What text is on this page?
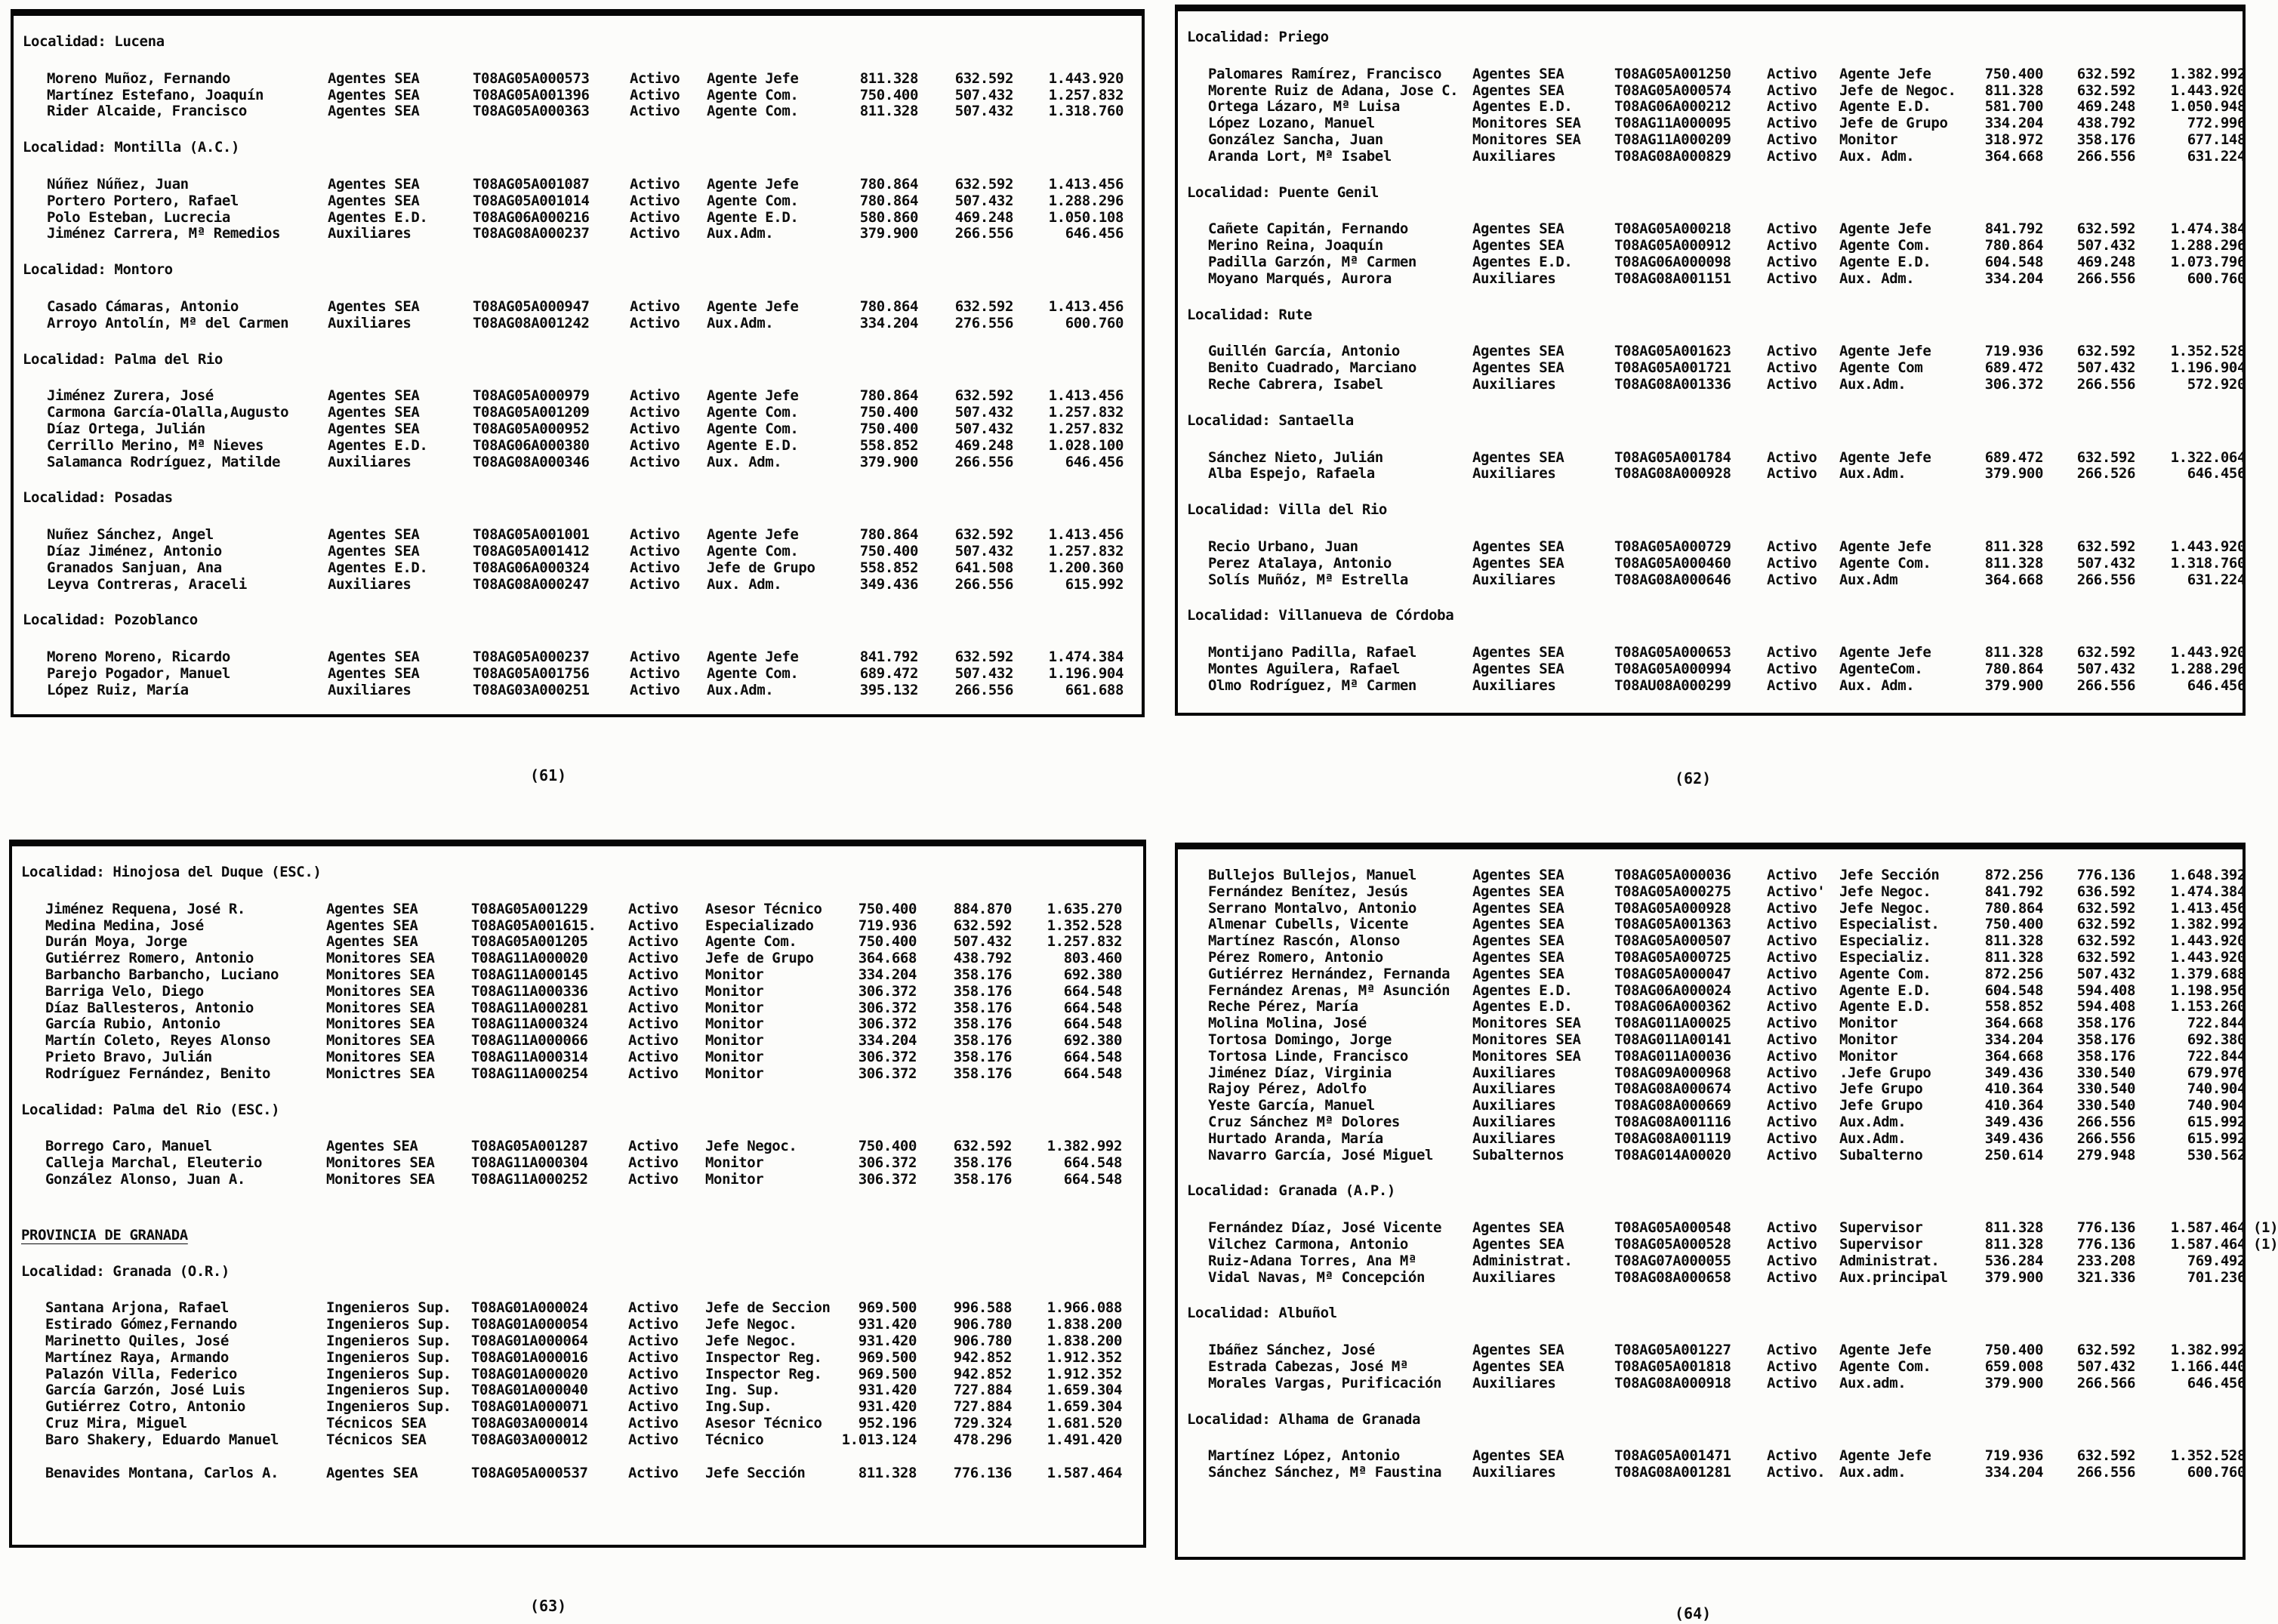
Localidad: Lucena
Moreno Muñoz, Fernando	Agentes SEA	T08AG05A000573	Activo	Agente Jefe	811.328	632.592	1.443.920
Martínez Estefano, Joaquín	Agentes SEA	T08AG05A001396	Activo	Agente Com.	750.400	507.432	1.257.832
Rider Alcaide, Francisco	Agentes SEA	T08AG05A000363	Activo	Agente Com.	811.328	507.432	1.318.760
Localidad: Montilla (A.C.)
Núñez Núñez, Juan	Agentes SEA	T08AG05A001087	Activo	Agente Jefe	780.864	632.592	1.413.456
Portero Portero, Rafael	Agentes SEA	T08AG05A001014	Activo	Agente Com.	780.864	507.432	1.288.296
Polo Esteban, Lucrecia	Agentes E.D.	T08AG06A000216	Activo	Agente E.D.	580.860	469.248	1.050.108
Jiménez Carrera, Mª Remedios	Auxiliares	T08AG08A000237	Activo	Aux.Adm.	379.900	266.556	646.456
Localidad: Montoro
Casado Cámaras, Antonio	Agentes SEA	T08AG05A000947	Activo	Agente Jefe	780.864	632.592	1.413.456
Arroyo Antolín, Mª del Carmen	Auxiliares	T08AG08A001242	Activo	Aux.Adm.	334.204	276.556	600.760
Localidad: Palma del Rio
Jiménez Zurera, José	Agentes SEA	T08AG05A000979	Activo	Agente Jefe	780.864	632.592	1.413.456
Carmona García-Olalla,Augusto	Agentes SEA	T08AG05A001209	Activo	Agente Com.	750.400	507.432	1.257.832
Díaz Ortega, Julián	Agentes SEA	T08AG05A000952	Activo	Agente Com.	750.400	507.432	1.257.832
Cerrillo Merino, Mª Nieves	Agentes E.D.	T08AG06A000380	Activo	Agente E.D.	558.852	469.248	1.028.100
Salamanca Rodríguez, Matilde	Auxiliares	T08AG08A000346	Activo	Aux. Adm.	379.900	266.556	646.456
Localidad: Posadas
Nuñez Sánchez, Angel	Agentes SEA	T08AG05A001001	Activo	Agente Jefe	780.864	632.592	1.413.456
Díaz Jiménez, Antonio	Agentes SEA	T08AG05A001412	Activo	Agente Com.	750.400	507.432	1.257.832
Granados Sanjuan, Ana	Agentes E.D.	T08AG06A000324	Activo	Jefe de Grupo	558.852	641.508	1.200.360
Leyva Contreras, Araceli	Auxiliares	T08AG08A000247	Activo	Aux. Adm.	349.436	266.556	615.992
Localidad: Pozoblanco
Moreno Moreno, Ricardo	Agentes SEA	T08AG05A000237	Activo	Agente Jefe	841.792	632.592	1.474.384
Parejo Pogador, Manuel	Agentes SEA	T08AG05A001756	Activo	Agente Com.	689.472	507.432	1.196.904
López Ruiz, María	Auxiliares	T08AG03A000251	Activo	Aux.Adm.	395.132	266.556	661.688
Localidad: Priego
Palomares Ramírez, Francisco	Agentes SEA	T08AG05A001250	Activo	Agente Jefe	750.400	632.592	1.382.992
Morente Ruiz de Adana, Jose C. Agentes SEA	T08AG05A000574	Activo	Jefe de Negoc.	811.328	632.592	1.443.920
Ortega Lázaro, Mª Luisa	Agentes E.D.	T08AG06A000212	Activo	Agente E.D.	581.700	469.248	1.050.948
López Lozano, Manuel	Monitores SEA	T08AG11A000095	Activo	Jefe de Grupo	334.204	438.792	772.996
González Sancha, Juan	Monitores SEA	T08AG11A000209	Activo	Monitor	318.972	358.176	677.148
Aranda Lort, Mª Isabel	Auxiliares	T08AG08A000829	Activo	Aux. Adm.	364.668	266.556	631.224
Localidad: Puente Genil
Cañete Capitán, Fernando	Agentes SEA	T08AG05A000218	Activo	Agente Jefe	841.792	632.592	1.474.384
Merino Reina, Joaquín	Agentes SEA	T08AG05A000912	Activo	Agente Com.	780.864	507.432	1.288.296
Padilla Garzón, Mª Carmen	Agentes E.D.	T08AG06A000098	Activo	Agente E.D.	604.548	469.248	1.073.796
Moyano Marqués, Aurora	Auxiliares	T08AG08A001151	Activo	Aux. Adm.	334.204	266.556	600.760
Localidad: Rute
Guillén García, Antonio	Agentes SEA	T08AG05A001623	Activo	Agente Jefe	719.936	632.592	1.352.528
Benito Cuadrado, Marciano	Agentes SEA	T08AG05A001721	Activo	Agente Com	689.472	507.432	1.196.904
Reche Cabrera, Isabel	Auxiliares	T08AG08A001336	Activo	Aux.Adm.	306.372	266.556	572.920
Localidad: Santaella
Sánchez Nieto, Julián	Agentes SEA	T08AG05A001784	Activo	Agente Jefe	689.472	632.592	1.322.064
Alba Espejo, Rafaela	Auxiliares	T08AG08A000928	Activo	Aux.Adm.	379.900	266.526	646.456
Localidad: Villa del Rio
Recio Urbano, Juan	Agentes SEA	T08AG05A000729	Activo	Agente Jefe	811.328	632.592	1.443.920
Perez Atalaya, Antonio	Agentes SEA	T08AG05A000460	Activo	Agente Com.	811.328	507.432	1.318.760
Solís Muñóz, Mª Estrella	Auxiliares	T08AG08A000646	Activo	Aux.Adm	364.668	266.556	631.224
Localidad: Villanueva de Córdoba
Montijano Padilla, Rafael	Agentes SEA	T08AG05A000653	Activo	Agente Jefe	811.328	632.592	1.443.920
Montes Aguilera, Rafael	Agentes SEA	T08AG05A000994	Activo	AgenteCom.	780.864	507.432	1.288.296
Olmo Rodríguez, Mª Carmen	Auxiliares	T08AU08A000299	Activo	Aux. Adm.	379.900	266.556	646.456
Localidad: Hinojosa del Duque (ESC.)
Jiménez Requena, José R.	Agentes SEA	T08AG05A001229	Activo	Asesor Técnico	750.400	884.870	1.635.270
Medina Medina, José	Agentes SEA	T08AG05A001615.	Activo	Especializado	719.936	632.592	1.352.528
Durán Moya, Jorge	Agentes SEA	T08AG05A001205	Activo	Agente Com.	750.400	507.432	1.257.832
Gutiérrez Romero, Antonio	Monitores SEA	T08AG11A000020	Activo	Jefe de Grupo	364.668	438.792	803.460
Barbancho Barbancho, Luciano	Monitores SEA	T08AG11A000145	Activo	Monitor	334.204	358.176	692.380
Barriga Velo, Diego	Monitores SEA	T08AG11A000336	Activo	Monitor	306.372	358.176	664.548
Díaz Ballesteros, Antonio	Monitores SEA	T08AG11A000281	Activo	Monitor	306.372	358.176	664.548
García Rubio, Antonio	Monitores SEA	T08AG11A000324	Activo	Monitor	306.372	358.176	664.548
Martín Coleto, Reyes Alonso	Monitores SEA	T08AG11A000066	Activo	Monitor	334.204	358.176	692.380
Prieto Bravo, Julián	Monitores SEA	T08AG11A000314	Activo	Monitor	306.372	358.176	664.548
Rodríguez Fernández, Benito	Monictres SEA	T08AG11A000254	Activo	Monitor	306.372	358.176	664.548
Localidad: Palma del Rio (ESC.)
Borrego Caro, Manuel	Agentes SEA	T08AG05A001287	Activo	Jefe Negoc.	750.400	632.592	1.382.992
Calleja Marchal, Eleuterio	Monitores SEA	T08AG11A000304	Activo	Monitor	306.372	358.176	664.548
González Alonso, Juan A.	Monitores SEA	T08AG11A000252	Activo	Monitor	306.372	358.176	664.548
PROVINCIA DE GRANADA
Localidad: Granada (O.R.)
Santana Arjona, Rafael	Ingenieros Sup.	T08AG01A000024	Activo	Jefe de Seccion	969.500	996.588	1.966.088
Estirado Gómez,Fernando	Ingenieros Sup.	T08AG01A000054	Activo	Jefe Negoc.	931.420	906.780	1.838.200
Marinetto Quiles, José	Ingenieros Sup.	T08AG01A000064	Activo	Jefe Negoc.	931.420	906.780	1.838.200
Martínez Raya, Armando	Ingenieros Sup.	T08AG01A000016	Activo	Inspector Reg.	969.500	942.852	1.912.352
Palazón Villa, Federico	Ingenieros Sup.	T08AG01A000020	Activo	Inspector Reg.	969.500	942.852	1.912.352
García Garzón, José Luis	Ingenieros Sup.	T08AG01A000040	Activo	Ing. Sup.	931.420	727.884	1.659.304
Gutiérrez Cotro, Antonio	Ingenieros Sup.	T08AG01A000071	Activo	Ing.Sup.	931.420	727.884	1.659.304
Cruz Mira, Miguel	Técnicos SEA	T08AG03A000014	Activo	Asesor Técnico	952.196	729.324	1.681.520
Baro Shakery, Eduardo Manuel	Técnicos SEA	T08AG03A000012	Activo	Técnico	1.013.124	478.296	1.491.420
Benavides Montana, Carlos A.	Agentes SEA	T08AG05A000537	Activo	Jefe Sección	811.328	776.136	1.587.464
Bullejos Bullejos, Manuel	Agentes SEA	T08AG05A000036	Activo	Jefe Sección	872.256	776.136	1.648.392
Fernández Benítez, Jesús	Agentes SEA	T08AG05A000275	Activo' Jefe Negoc.	841.792	636.592	1.474.384
Serrano Montalvo, Antonio	Agentes SEA	T08AG05A000928	Activo	Jefe Negoc.	780.864	632.592	1.413.456
Almenar Cubells, Vicente	Agentes SEA	T08AG05A001363	Activo	Especialist.	750.400	632.592	1.382.992
Martínez Rascón, Alonso	Agentes SEA	T08AG05A000507	Activo	Especializ.	811.328	632.592	1.443.920
Pérez Romero, Antonio	Agentes SEA	T08AG05A000725	Activo	Especializ.	811.328	632.592	1.443.920
Gutiérrez Hernández, Fernanda	Agentes SEA	T08AG05A000047	Activo	Agente Com.	872.256	507.432	1.379.688
Fernández Arenas, Mª Asunción	Agentes E.D.	T08AG06A000024	Activo	Agente E.D.	604.548	594.408	1.198.956
Reche Pérez, María	Agentes E.D.	T08AG06A000362	Activo	Agente E.D.	558.852	594.408	1.153.260
Molina Molina, José	Monitores SEA	T08AG011A00025	Activo	Monitor	364.668	358.176	722.844
Tortosa Domingo, Jorge	Monitores SEA	T08AG011A00141	Activo	Monitor	334.204	358.176	692.380
Tortosa Linde, Francisco	Monitores SEA	T08AG011A00036	Activo	Monitor	364.668	358.176	722.844
Jiménez Díaz, Virginia	Auxiliares	T08AG09A000968	Activo	.Jefe Grupo	349.436	330.540	679.976
Rajoy Pérez, Adolfo	Auxiliares	T08AG08A000674	Activo	Jefe Grupo	410.364	330.540	740.904
Yeste García, Manuel	Auxiliares	T08AG08A000669	Activo	Jefe Grupo	410.364	330.540	740.904
Cruz Sánchez Mª Dolores	Auxiliares	T08AG08A001116	Activo	Aux.Adm.	349.436	266.556	615.992
Hurtado Aranda, María	Auxiliares	T08AG08A001119	Activo	Aux.Adm.	349.436	266.556	615.992
Navarro García, José Miguel	Subalternos	T08AG014A00020	Activo	Subalterno	250.614	279.948	530.562
Localidad: Granada (A.P.)
Fernández Díaz, José Vicente	Agentes SEA	T08AG05A000548	Activo	Supervisor	811.328	776.136	1.587.464 (1)
Vilchez Carmona, Antonio	Agentes SEA	T08AG05A000528	Activo	Supervisor	811.328	776.136	1.587.464 (1)
Ruiz-Adana Torres, Ana Mª	Administrat.	T08AG07A000055	Activo	Administrat.	536.284	233.208	769.492
Vidal Navas, Mª Concepción	Auxiliares	T08AG08A000658	Activo	Aux.principal	379.900	321.336	701.236
Localidad: Albuñol
Ibáñez Sánchez, José	Agentes SEA	T08AG05A001227	Activo	Agente Jefe	750.400	632.592	1.382.992
Estrada Cabezas, José Mª	Agentes SEA	T08AG05A001818	Activo	Agente Com.	659.008	507.432	1.166.440
Morales Vargas, Purificación	Auxiliares	T08AG08A000918	Activo	Aux.adm.	379.900	266.566	646.456
Localidad: Alhama de Granada
Martínez López, Antonio	Agentes SEA	T08AG05A001471	Activo	Agente Jefe	719.936	632.592	1.352.528
Sánchez Sánchez, Mª Faustina	Auxiliares	T08AG08A001281	Activo. Aux.adm.	334.204	266.556	600.760
(61)	(62)
(63)	(64)
